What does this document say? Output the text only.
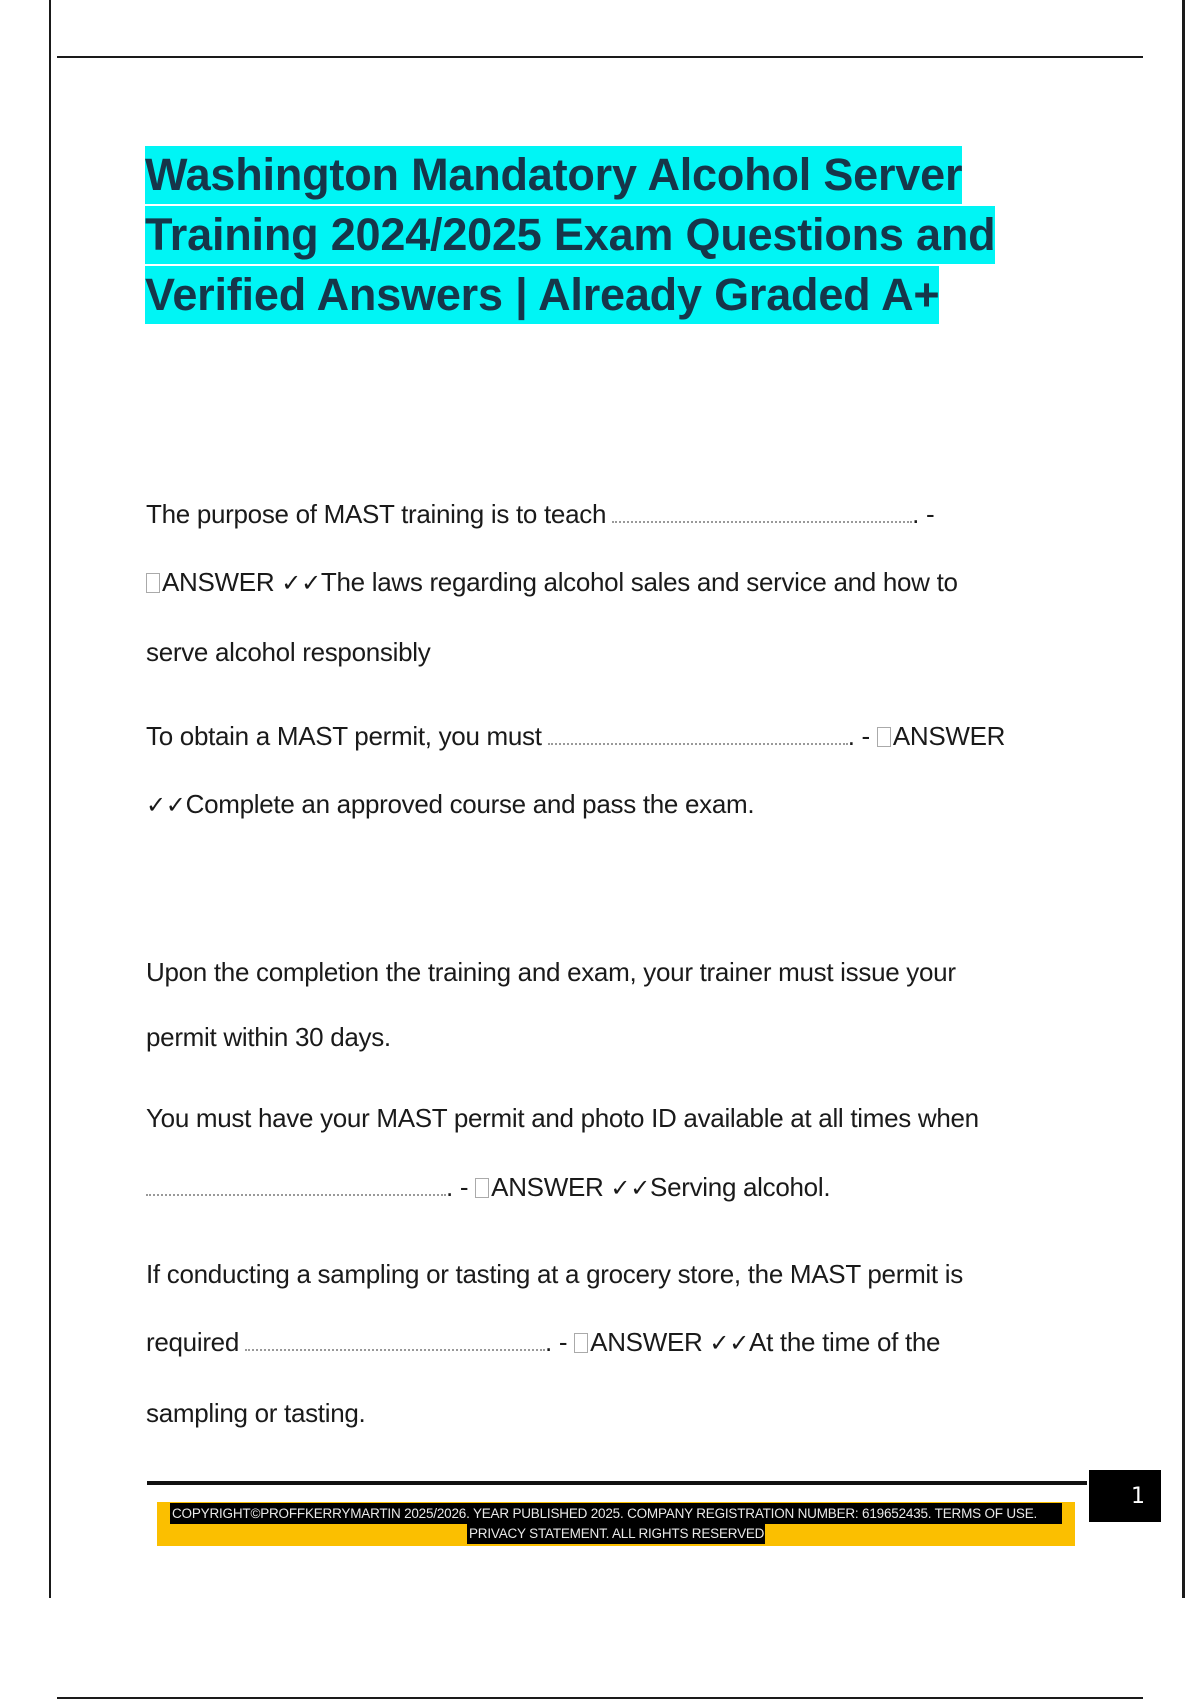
Washington Mandatory Alcohol Server
Training 2024/2025 Exam Questions and
Verified Answers | Already Graded A+
The purpose of MAST training is to teach	. -
ANSWER ✓✓The laws regarding alcohol sales and service and how to
serve alcohol responsibly
To obtain a MAST permit, you must	. - ANSWER
✓✓Complete an approved course and pass the exam.
Upon the completion the training and exam, your trainer must issue your
permit within 30 days.
You must have your MAST permit and photo ID available at all times when
. - ANSWER ✓✓Serving alcohol.
If conducting a sampling or tasting at a grocery store, the MAST permit is
required	. - ANSWER ✓✓At the time of the
sampling or tasting.
1
COPYRIGHT©PROFFKERRYMARTIN 2025/2026. YEAR PUBLISHED 2025. COMPANY REGISTRATION NUMBER: 619652435. TERMS OF USE.
PRIVACY STATEMENT. ALL RIGHTS RESERVED
